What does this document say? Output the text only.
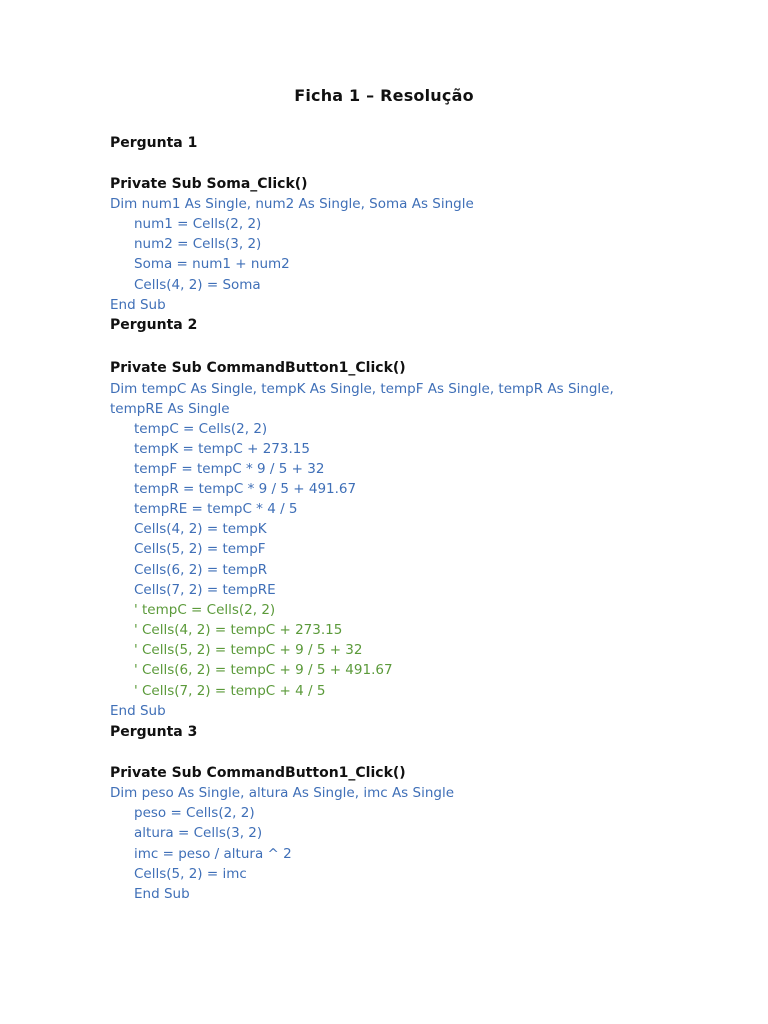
Ficha 1 – Resolução
Pergunta 1
Private Sub Soma_Click()
Dim num1 As Single, num2 As Single, Soma As Single
num1 = Cells(2, 2)
num2 = Cells(3, 2)
Soma = num1 + num2
Cells(4, 2) = Soma
End Sub
Pergunta 2
Private Sub CommandButton1_Click()
Dim tempC As Single, tempK As Single, tempF As Single, tempR As Single,
tempRE As Single
tempC = Cells(2, 2)
tempK = tempC + 273.15
tempF = tempC * 9 / 5 + 32
tempR = tempC * 9 / 5 + 491.67
tempRE = tempC * 4 / 5
Cells(4, 2) = tempK
Cells(5, 2) = tempF
Cells(6, 2) = tempR
Cells(7, 2) = tempRE
' tempC = Cells(2, 2)
' Cells(4, 2) = tempC + 273.15
' Cells(5, 2) = tempC + 9 / 5 + 32
' Cells(6, 2) = tempC + 9 / 5 + 491.67
' Cells(7, 2) = tempC + 4 / 5
End Sub
Pergunta 3
Private Sub CommandButton1_Click()
Dim peso As Single, altura As Single, imc As Single
peso = Cells(2, 2)
altura = Cells(3, 2)
imc = peso / altura ^ 2
Cells(5, 2) = imc
End Sub
